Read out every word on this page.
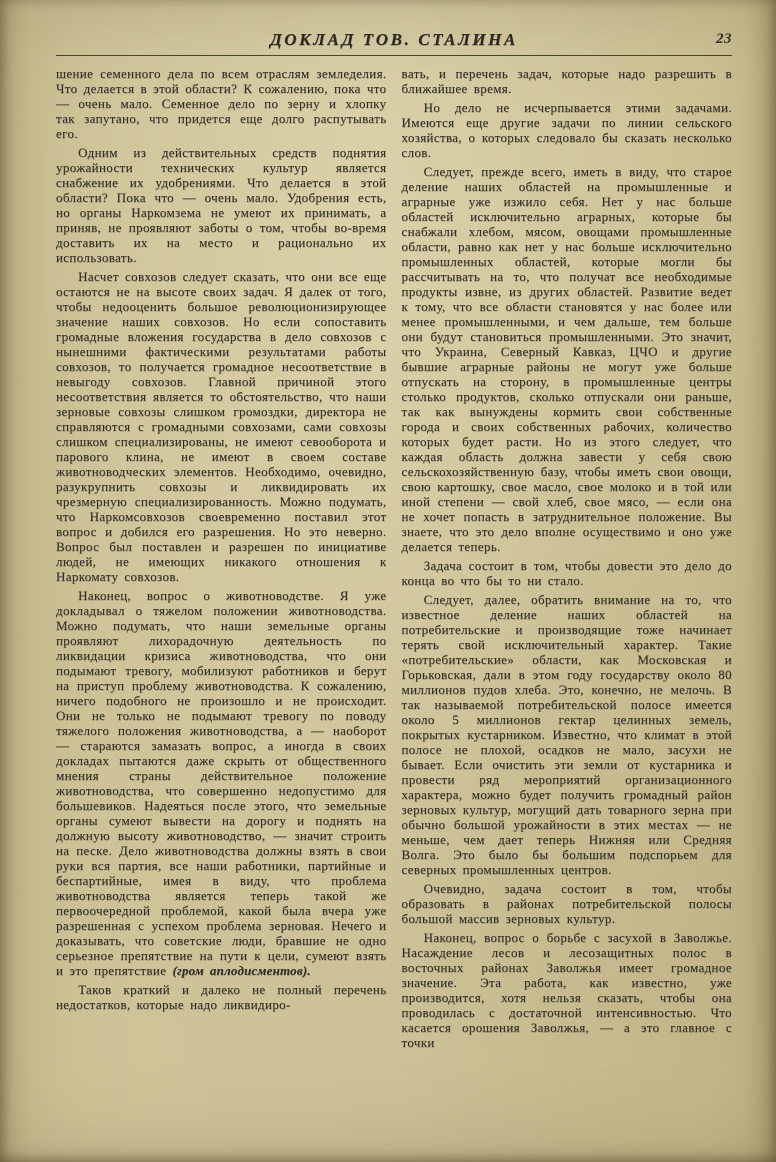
ДОКЛАД ТОВ. СТАЛИНА	23

шение семенного дела по всем отраслям земледелия. Что делается в этой области? К сожалению, пока что — очень мало. Семенное дело по зерну и хлопку так запутано, что придется еще долго распутывать его.

Одним из действительных средств поднятия урожайности технических культур является снабжение их удобрениями. Что делается в этой области? Пока что — очень мало. Удобрения есть, но органы Наркомзема не умеют их принимать, а приняв, не проявляют заботы о том, чтобы во-время доставить их на место и рационально их использовать.

Насчет совхозов следует сказать, что они все еще остаются не на высоте своих задач. Я далек от того, чтобы недооценить большое революционизирующее значение наших совхозов. Но если сопоставить громадные вложения государства в дело совхозов с нынешними фактическими результатами работы совхозов, то получается громадное несоответствие в невыгоду совхозов. Главной причиной этого несоответствия является то обстоятельство, что наши зерновые совхозы слишком громоздки, директора не справляются с громадными совхозами, сами совхозы слишком специализированы, не имеют севооборота и парового клина, не имеют в своем составе животноводческих элементов. Необходимо, очевидно, разукрупнить совхозы и ликвидировать их чрезмерную специализированность. Можно подумать, что Наркомсовхозов своевременно поставил этот вопрос и добился его разрешения. Но это неверно. Вопрос был поставлен и разрешен по инициативе людей, не имеющих никакого отношения к Наркомату совхозов.

Наконец, вопрос о животноводстве. Я уже докладывал о тяжелом положении животноводства. Можно подумать, что наши земельные органы проявляют лихорадочную деятельность по ликвидации кризиса животноводства, что они подымают тревогу, мобилизуют работников и берут на приступ проблему животноводства. К сожалению, ничего подобного не произошло и не происходит. Они не только не подымают тревогу по поводу тяжелого положения животноводства, а — наоборот — стараются замазать вопрос, а иногда в своих докладах пытаются даже скрыть от общественного мнения страны действительное положение животноводства, что совершенно недопустимо для большевиков. Надеяться после этого, что земельные органы сумеют вывести на дорогу и поднять на должную высоту животноводство, — значит строить на песке. Дело животноводства должны взять в свои руки вся партия, все наши работники, партийные и беспартийные, имея в виду, что проблема животноводства является теперь такой же первоочередной проблемой, какой была вчера уже разрешенная с успехом проблема зерновая. Нечего и доказывать, что советские люди, бравшие не одно серьезное препятствие на пути к цели, сумеют взять и это препятствие (гром аплодисментов).

Таков краткий и далеко не полный перечень недостатков, которые надо ликвидиро-

вать, и перечень задач, которые надо разрешить в ближайшее время.

Но дело не исчерпывается этими задачами. Имеются еще другие задачи по линии сельского хозяйства, о которых следовало бы сказать несколько слов.

Следует, прежде всего, иметь в виду, что старое деление наших областей на промышленные и аграрные уже изжило себя. Нет у нас больше областей исключительно аграрных, которые бы снабжали хлебом, мясом, овощами промышленные области, равно как нет у нас больше исключительно промышленных областей, которые могли бы рассчитывать на то, что получат все необходимые продукты извне, из других областей. Развитие ведет к тому, что все области становятся у нас более или менее промышленными, и чем дальше, тем больше они будут становиться промышленными. Это значит, что Украина, Северный Кавказ, ЦЧО и другие бывшие аграрные районы не могут уже больше отпускать на сторону, в промышленные центры столько продуктов, сколько отпускали они раньше, так как вынуждены кормить свои собственные города и своих собственных рабочих, количество которых будет расти. Но из этого следует, что каждая область должна завести у себя свою сельскохозяйственную базу, чтобы иметь свои овощи, свою картошку, свое масло, свое молоко и в той или иной степени — свой хлеб, свое мясо, — если она не хочет попасть в затруднительное положение. Вы знаете, что это дело вполне осуществимо и оно уже делается теперь.

Задача состоит в том, чтобы довести это дело до конца во что бы то ни стало.

Следует, далее, обратить внимание на то, что известное деление наших областей на потребительские и производящие тоже начинает терять свой исключительный характер. Такие «потребительские» области, как Московская и Горьковская, дали в этом году государству около 80 миллионов пудов хлеба. Это, конечно, не мелочь. В так называемой потребительской полосе имеется около 5 миллионов гектар целинных земель, покрытых кустарником. Известно, что климат в этой полосе не плохой, осадков не мало, засухи не бывает. Если очистить эти земли от кустарника и провести ряд мероприятий организационного характера, можно будет получить громадный район зерновых культур, могущий дать товарного зерна при обычно большой урожайности в этих местах — не меньше, чем дает теперь Нижняя или Средняя Волга. Это было бы большим подспорьем для северных промышленных центров.

Очевидно, задача состоит в том, чтобы образовать в районах потребительской полосы большой массив зерновых культур.

Наконец, вопрос о борьбе с засухой в Заволжье. Насаждение лесов и лесозащитных полос в восточных районах Заволжья имеет громадное значение. Эта работа, как известно, уже производится, хотя нельзя сказать, чтобы она проводилась с достаточной интенсивностью. Что касается орошения Заволжья, — а это главное с точки
